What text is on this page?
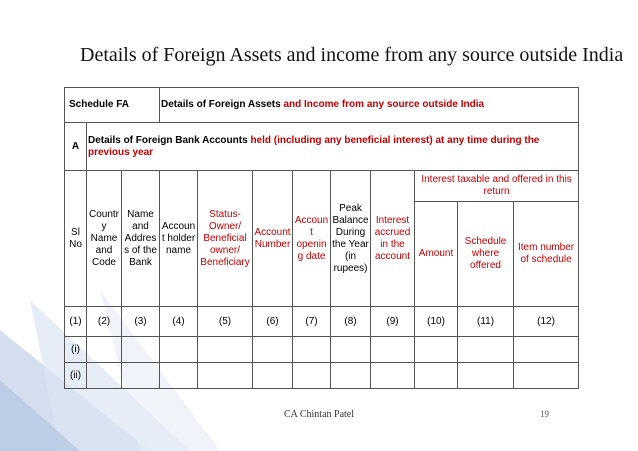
Details of Foreign Assets and income from any source outside India
Schedule FA			Details of Foreign Assets and Income from any source outside India								
A	Details of Foreign Bank Accounts held (including any beneficial interest) at any time during the previous year										
Sl No	Country Name and Code	Name and Address of the Bank	Account holder name	Status- Owner/ Beneficial owner/ Beneficiary	Account Number	Account opening date	Peak Balance During the Year (in rupees)	Interest accrued in the account	Interest taxable and offered in this return		
									Amount	Schedule where offered	Item number of schedule
(1)	(2)	(3)	(4)	(5)	(6)	(7)	(8)	(9)	(10)	(11)	(12)
(i)											
(ii)											
CA Chintan Patel	19
